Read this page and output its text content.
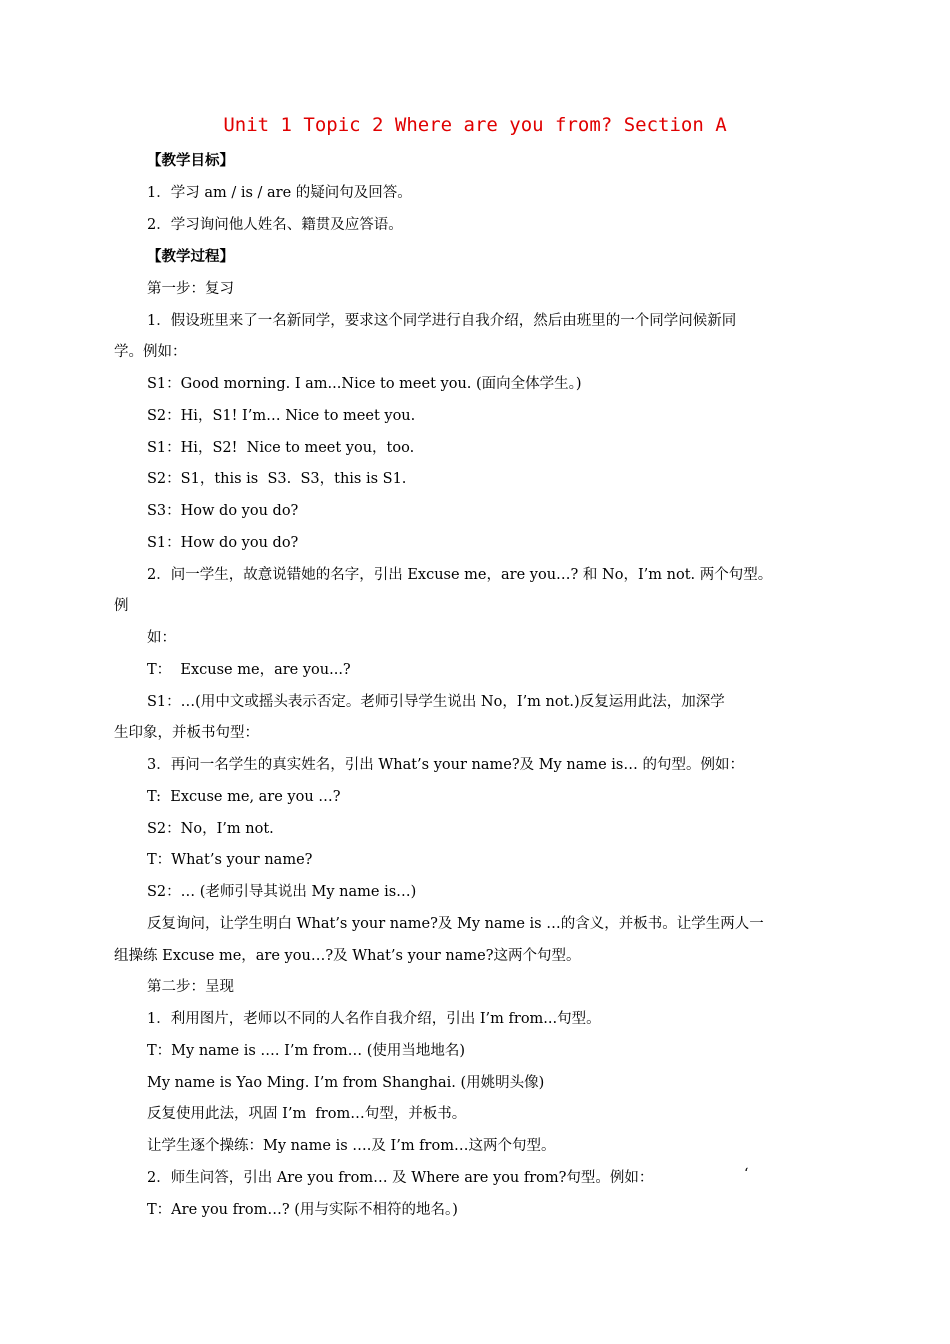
Unit 1 Topic 2 Where are you from? Section A
【教学目标】
1．学习 am / is / are 的疑问句及回答。
2．学习询问他人姓名、籍贯及应答语。
【教学过程】
第一步：复习
1．假设班里来了一名新同学，要求这个同学进行自我介绍，然后由班里的一个同学问候新同
学。例如：
S1：Good morning. I am...Nice to meet you. (面向全体学生。)
S2：Hi，S1! I’m… Nice to meet you.
S1：Hi，S2!  Nice to meet you，too.
S2：S1，this is  S3.  S3，this is S1.
S3：How do you do?
S1：How do you do?
2．问一学生，故意说错她的名字，引出 Excuse me，are you…? 和 No，I’m not. 两个句型。
例
如：
T：  Excuse me，are you...?
S1：…(用中文或摇头表示否定。老师引导学生说出 No，I’m not.)反复运用此法，加深学
生印象，并板书句型：
3．再问一名学生的真实姓名，引出 What’s your name?及 My name is… 的句型。例如：
T:  Excuse me, are you …?
S2：No，I’m not.
T：What’s your name?
S2：… (老师引导其说出 My name is…)
反复询问，让学生明白 What’s your name?及 My name is …的含义，并板书。让学生两人一
组操练 Excuse me，are you…?及 What’s your name?这两个句型。
第二步：呈现
1．利用图片，老师以不同的人名作自我介绍，引出 I’m from...句型。
T：My name is …. I’m from… (使用当地地名)
My name is Yao Ming. I’m from Shanghai. (用姚明头像)
反复使用此法，巩固 I’m  from…句型，并板书。
让学生逐个操练：My name is ….及 I’m from…这两个句型。
2．师生问答，引出 Are you from… 及 Where are you from?句型。例如：
T：Are you from…? (用与实际不相符的地名。)
‘
